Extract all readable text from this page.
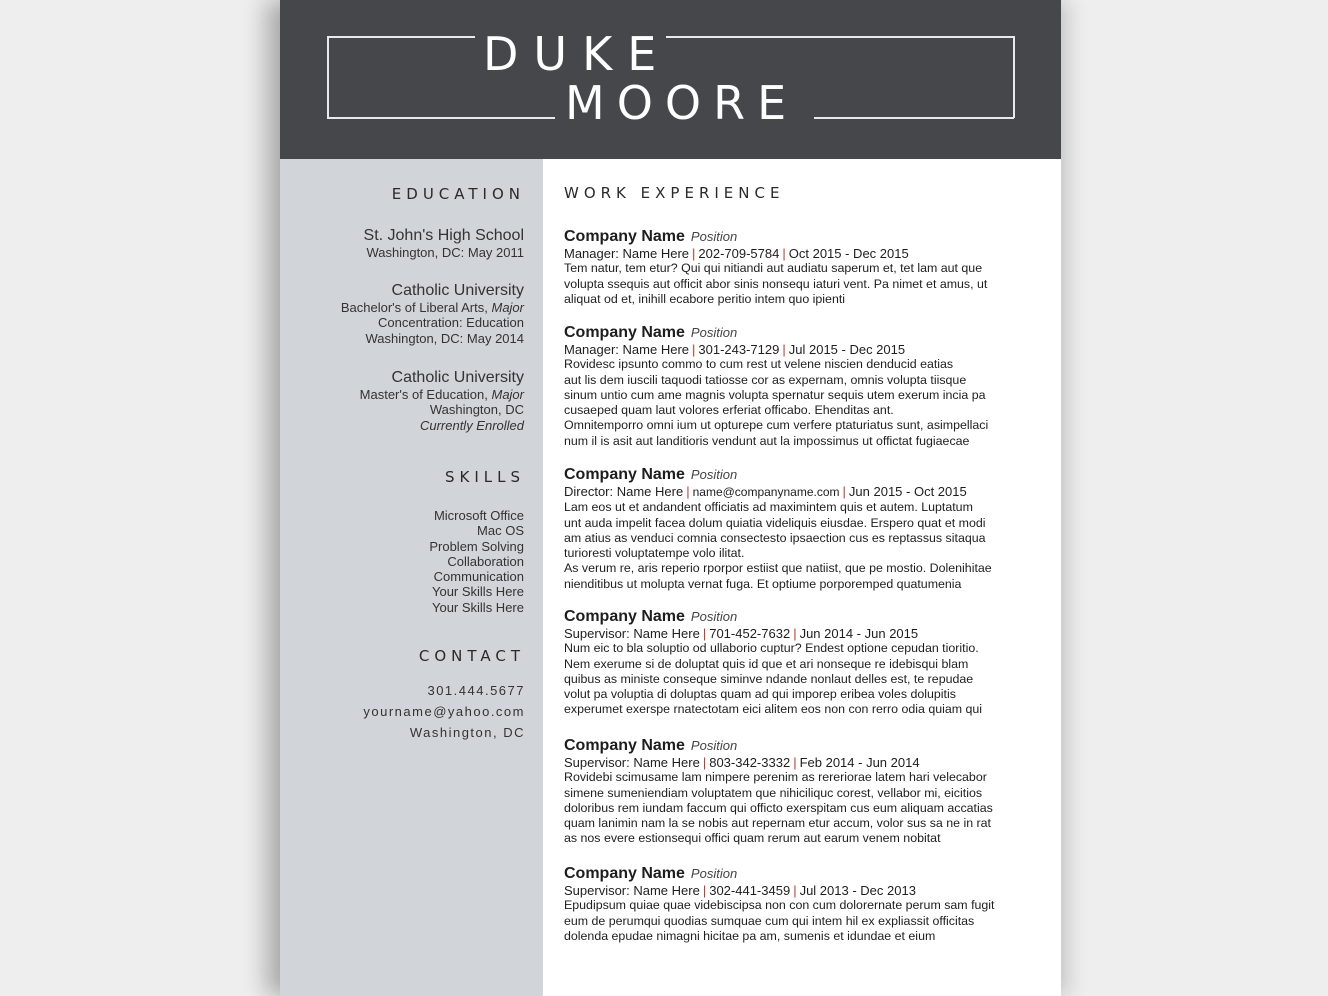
DUKE
MOORE
EDUCATION
St. John's High School
Washington, DC: May 2011
Catholic University
Bachelor's of Liberal Arts, Major
Concentration: Education
Washington, DC: May 2014
Catholic University
Master's of Education, Major
Washington, DC
Currently Enrolled
SKILLS
Microsoft Office
Mac OS
Problem Solving
Collaboration
Communication
Your Skills Here
Your Skills Here
CONTACT
301.444.5677
yourname@yahoo.com
Washington, DC
WORK EXPERIENCE
Company Name Position
Manager: Name Here | 202-709-5784 | Oct 2015 - Dec 2015
Tem natur, tem etur? Qui qui nitiandi aut audiatu saperum et, tet lam aut que
volupta ssequis aut officit abor sinis nonsequ iaturi vent. Pa nimet et amus, ut
aliquat od et, inihill ecabore peritio intem quo ipienti
Company Name Position
Manager: Name Here | 301-243-7129 | Jul 2015 - Dec 2015
Rovidesc ipsunto commo to cum rest ut velene niscien denducid eatias
aut lis dem iuscili taquodi tatiosse cor as expernam, omnis volupta tiisque
sinum untio cum ame magnis volupta spernatur sequis utem exerum incia pa
cusaeped quam laut volores erferiat officabo. Ehenditas ant.
Omnitemporro omni ium ut opturepe cum verfere ptaturiatus sunt, asimpellaci
num il is asit aut landitioris vendunt aut la impossimus ut offictat fugiaecae
Company Name Position
Director: Name Here | name@companyname.com | Jun 2015 - Oct 2015
Lam eos ut et andandent officiatis ad maximintem quis et autem. Luptatum
unt auda impelit facea dolum quiatia videliquis eiusdae. Erspero quat et modi
am atius as venduci comnia consectesto ipsaection cus es reptassus sitaqua
turioresti voluptatempe volo ilitat.
As verum re, aris reperio rporpor estiist que natiist, que pe mostio. Dolenihitae
nienditibus ut molupta vernat fuga. Et optiume porporemped quatumenia
Company Name Position
Supervisor: Name Here | 701-452-7632 | Jun 2014 - Jun 2015
Num eic to bla soluptio od ullaborio cuptur? Endest optione cepudan tioritio.
Nem exerume si de doluptat quis id que et ari nonseque re idebisqui blam
quibus as ministe conseque siminve ndande nonlaut delles est, te repudae
volut pa voluptia di doluptas quam ad qui imporep eribea voles dolupitis
experumet exerspe rnatectotam eici alitem eos non con rerro odia quiam qui
Company Name Position
Supervisor: Name Here | 803-342-3332 | Feb 2014 - Jun 2014
Rovidebi scimusame lam nimpere perenim as rereriorae latem hari velecabor
simene sumeniendiam voluptatem que nihiciliquc corest, vellabor mi, eicitios
doloribus rem iundam faccum qui officto exerspitam cus eum aliquam accatias
quam lanimin nam la se nobis aut repernam etur accum, volor sus sa ne in rat
as nos evere estionsequi offici quam rerum aut earum venem nobitat
Company Name Position
Supervisor: Name Here | 302-441-3459 | Jul 2013 - Dec 2013
Epudipsum quiae quae videbiscipsa non con cum dolorernate perum sam fugit
eum de perumqui quodias sumquae cum qui intem hil ex expliassit officitas
dolenda epudae nimagni hicitae pa am, sumenis et idundae et eium
